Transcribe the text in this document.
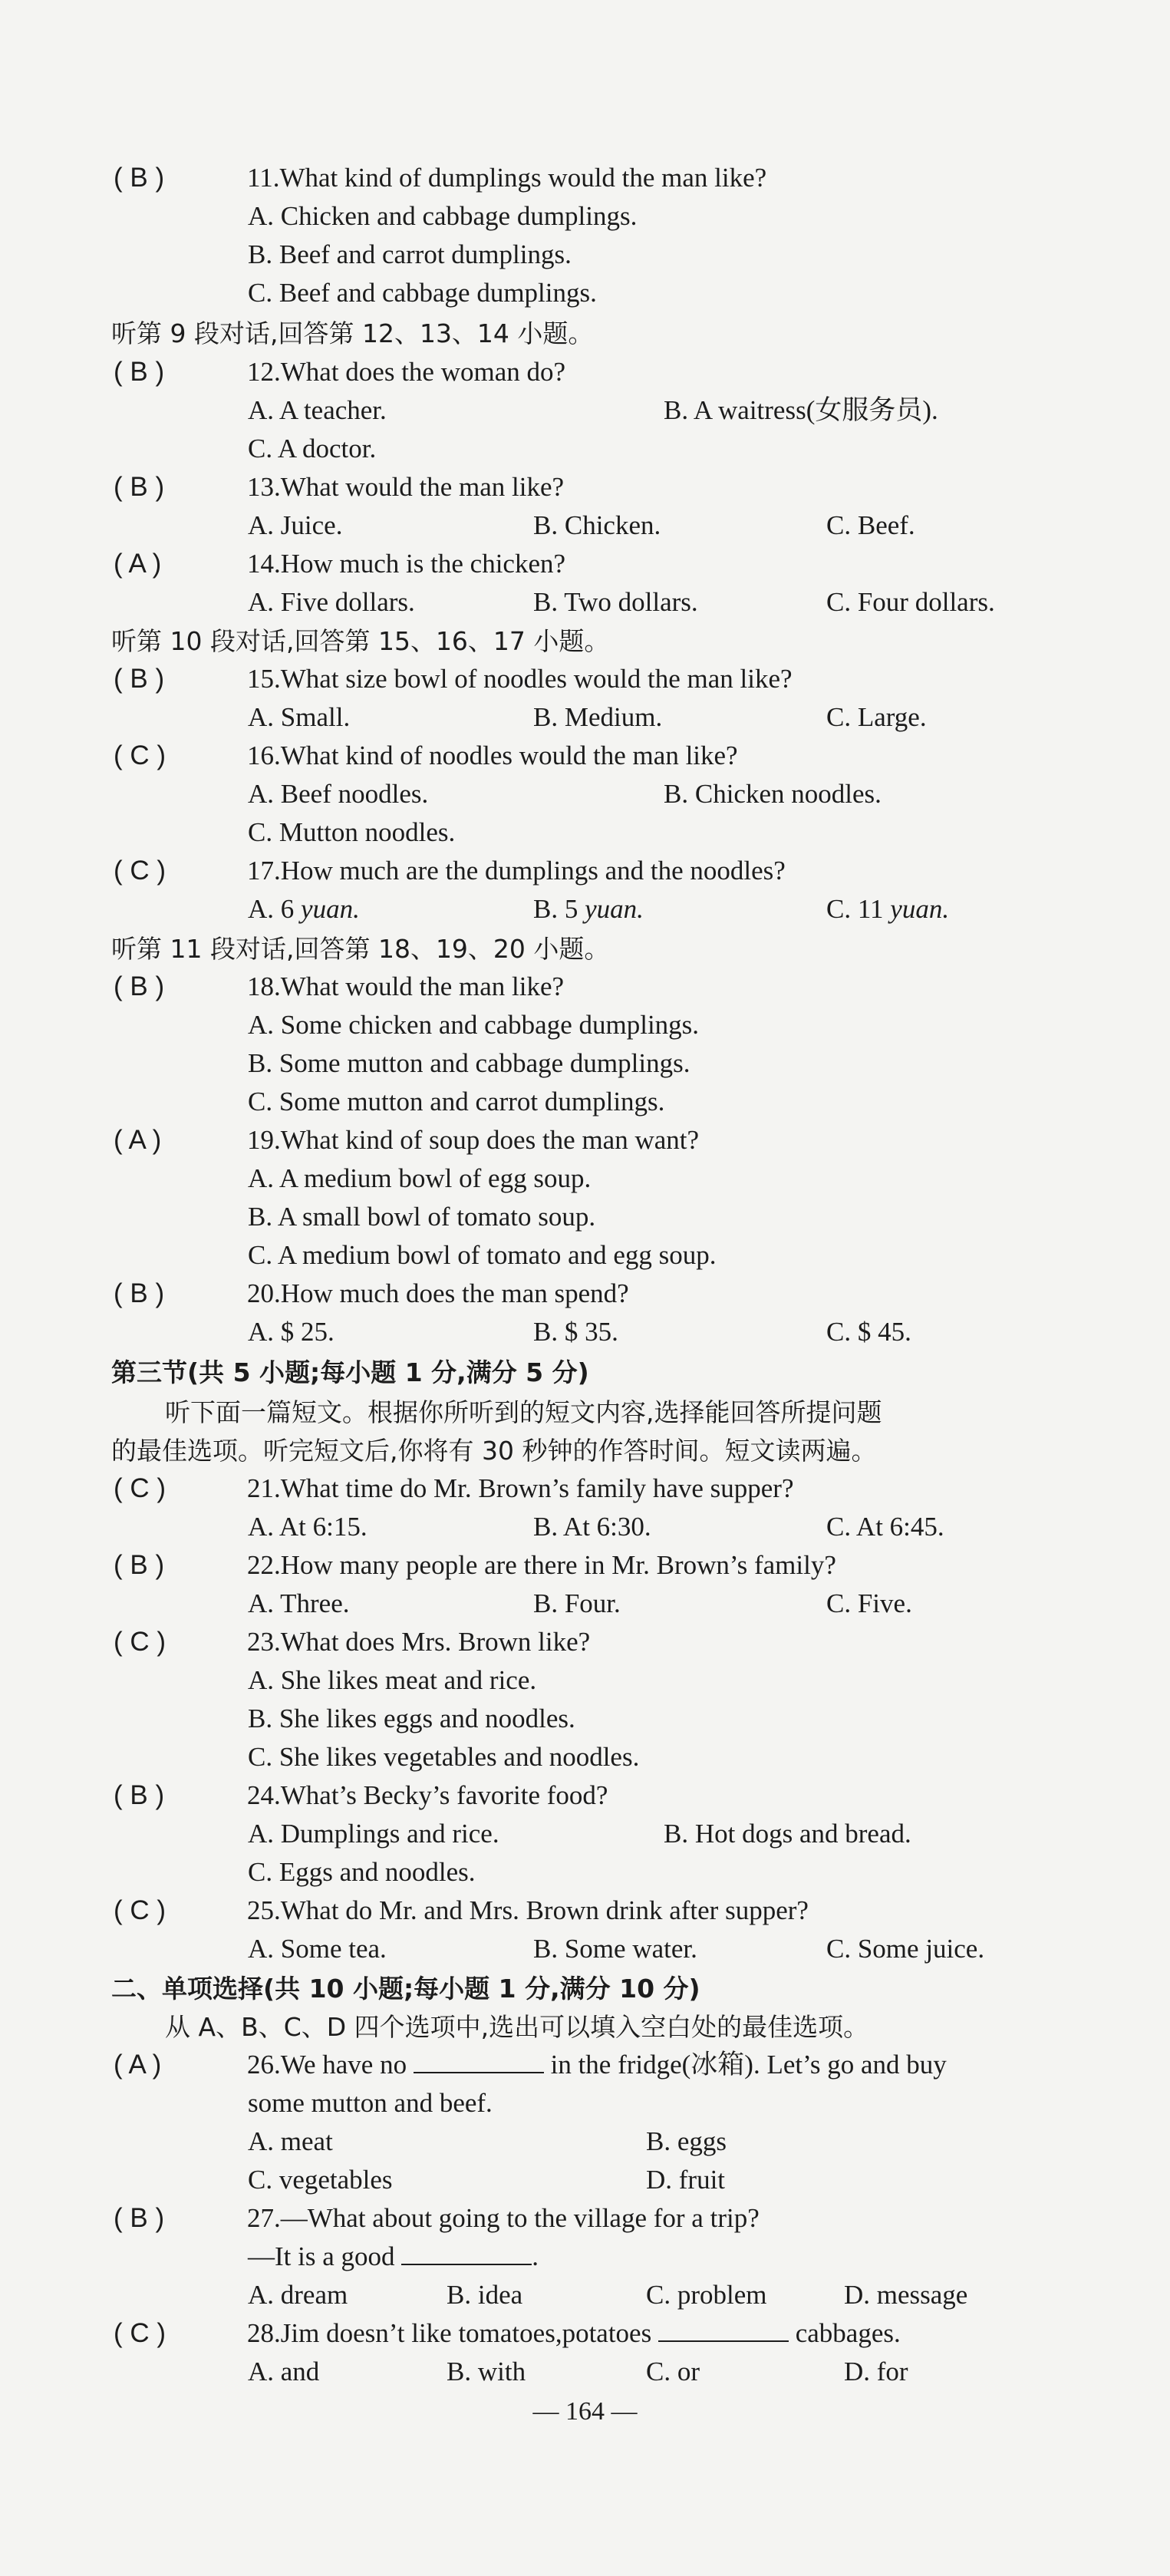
( B )	11.What kind of dumplings would the man like?
A. Chicken and cabbage dumplings.
B. Beef and carrot dumplings.
C. Beef and cabbage dumplings.
听第 9 段对话,回答第 12、13、14 小题。
( B )	12.What does the woman do?
A. A teacher.	B. A waitress(女服务员).
C. A doctor.
( B )	13.What would the man like?
A. Juice.	B. Chicken.	C. Beef.
( A )	14.How much is the chicken?
A. Five dollars.	B. Two dollars.	C. Four dollars.
听第 10 段对话,回答第 15、16、17 小题。
( B )	15.What size bowl of noodles would the man like?
A. Small.	B. Medium.	C. Large.
( C )	16.What kind of noodles would the man like?
A. Beef noodles.	B. Chicken noodles.
C. Mutton noodles.
( C )	17.How much are the dumplings and the noodles?
A. 6 yuan.	B. 5 yuan.	C. 11 yuan.
听第 11 段对话,回答第 18、19、20 小题。
( B )	18.What would the man like?
A. Some chicken and cabbage dumplings.
B. Some mutton and cabbage dumplings.
C. Some mutton and carrot dumplings.
( A )	19.What kind of soup does the man want?
A. A medium bowl of egg soup.
B. A small bowl of tomato soup.
C. A medium bowl of tomato and egg soup.
( B )	20.How much does the man spend?
A. $ 25.	B. $ 35.	C. $ 45.
第三节(共 5 小题;每小题 1 分,满分 5 分)
听下面一篇短文。根据你所听到的短文内容,选择能回答所提问题
的最佳选项。听完短文后,你将有 30 秒钟的作答时间。短文读两遍。
( C )	21.What time do Mr. Brown’s family have supper?
A. At 6:15.	B. At 6:30.	C. At 6:45.
( B )	22.How many people are there in Mr. Brown’s family?
A. Three.	B. Four.	C. Five.
( C )	23.What does Mrs. Brown like?
A. She likes meat and rice.
B. She likes eggs and noodles.
C. She likes vegetables and noodles.
( B )	24.What’s Becky’s favorite food?
A. Dumplings and rice.	B. Hot dogs and bread.
C. Eggs and noodles.
( C )	25.What do Mr. and Mrs. Brown drink after supper?
A. Some tea.	B. Some water.	C. Some juice.
二、单项选择(共 10 小题;每小题 1 分,满分 10 分)
从 A、B、C、D 四个选项中,选出可以填入空白处的最佳选项。
( A )	26.We have no	in the fridge(冰箱). Let’s go and buy
some mutton and beef.
A. meat	B. eggs
C. vegetables	D. fruit
( B )	27.—What about going to the village for a trip?
—It is a good	.
A. dream	B. idea	C. problem	D. message
( C )	28.Jim doesn’t like tomatoes,potatoes	cabbages.
A. and	B. with	C. or	D. for
— 164 —
